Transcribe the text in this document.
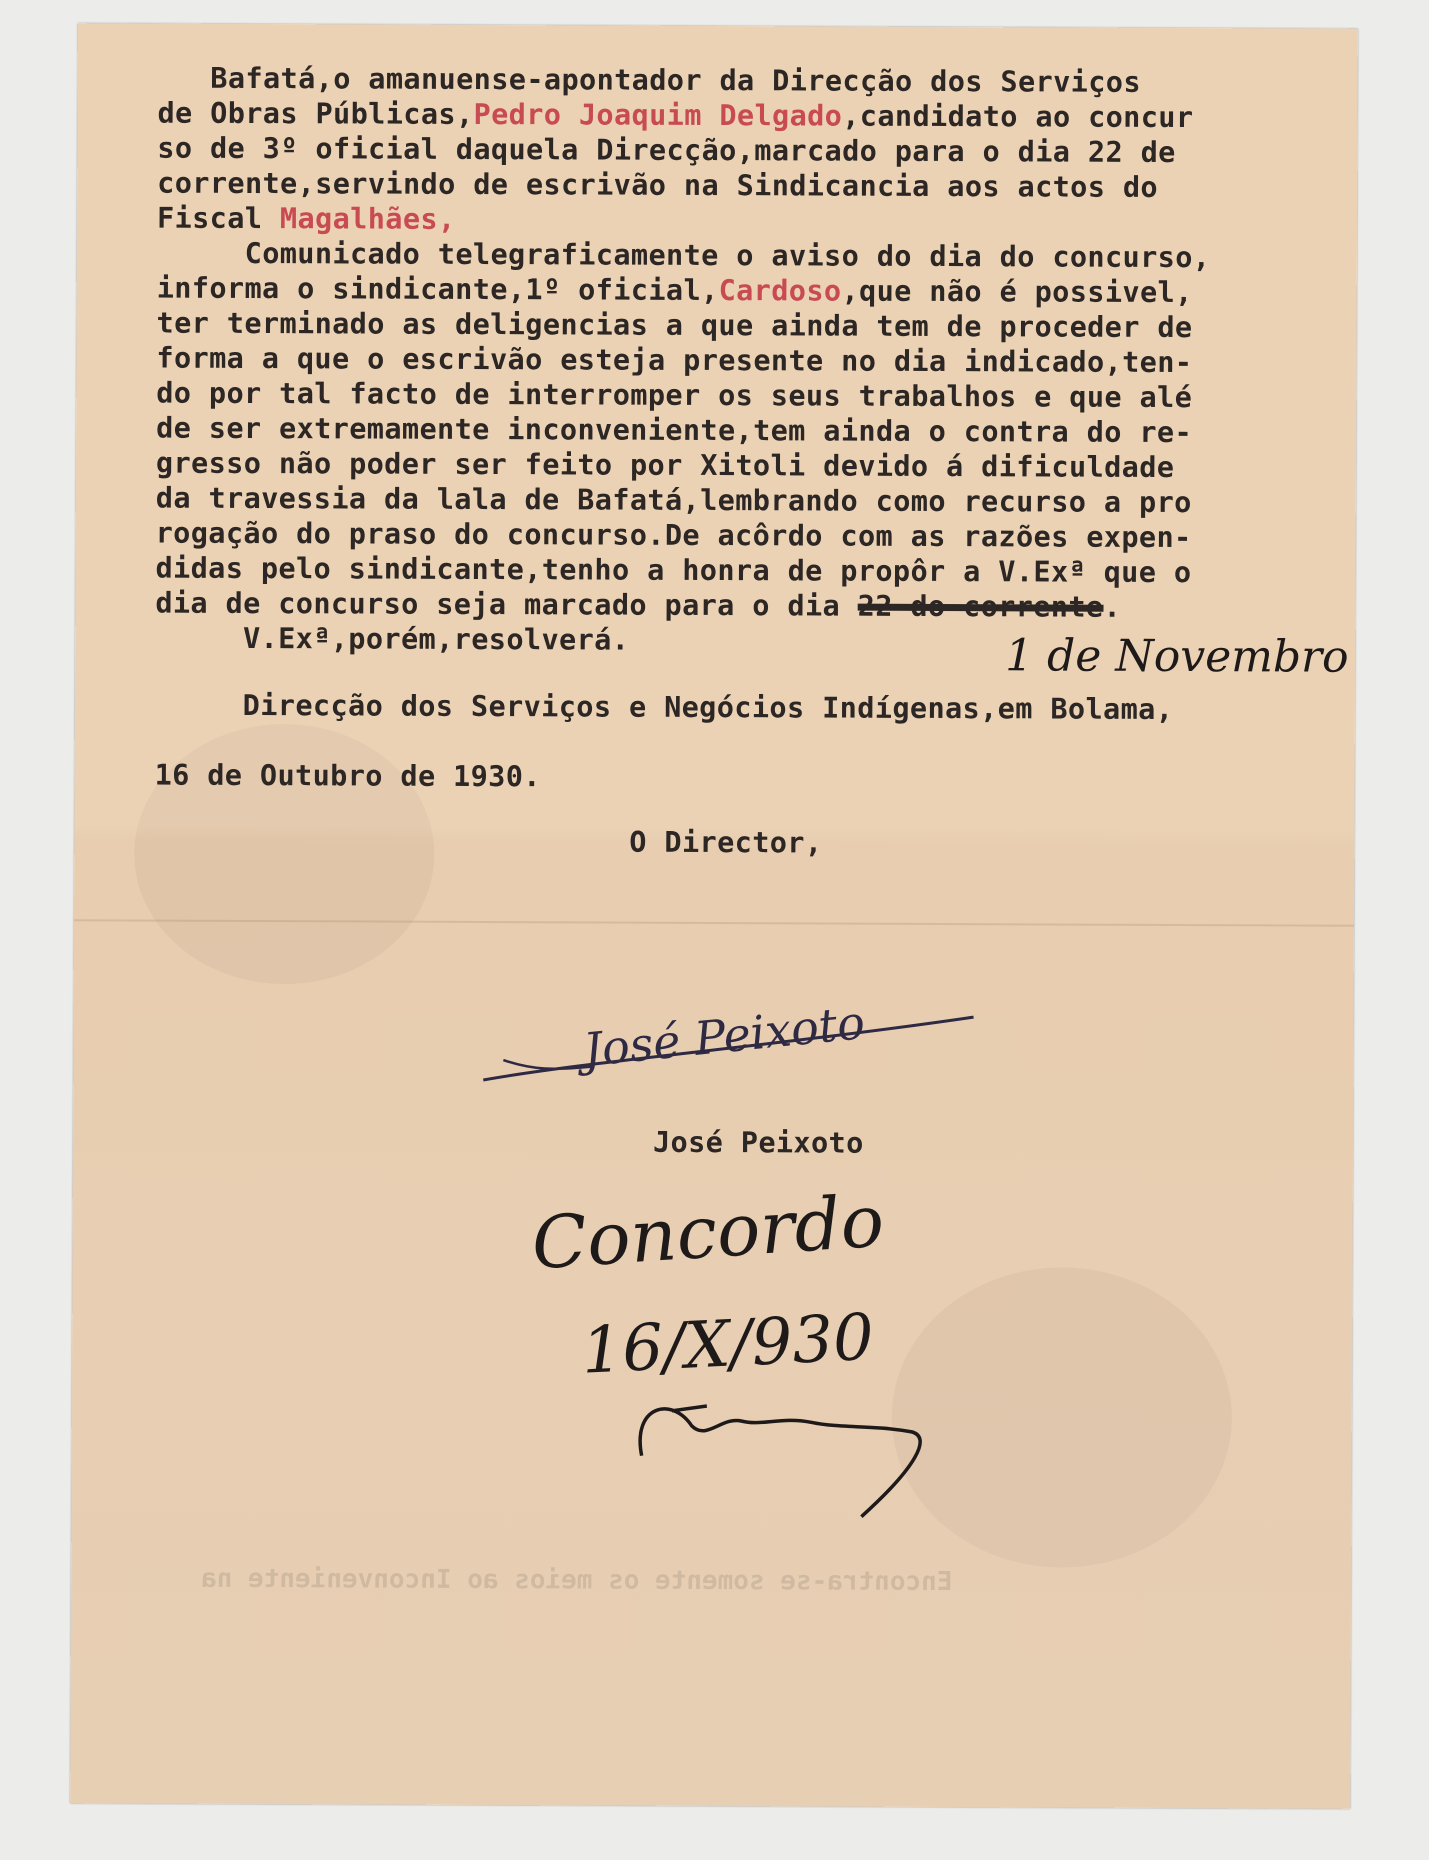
Bafatá,o amanuense-apontador da Direcção dos Serviços

de Obras Públicas,Pedro Joaquim Delgado,candidato ao concur

so de 3º oficial daquela Direcção,marcado para o dia 22 de

corrente,servindo de escrivão na Sindicancia aos actos do

Fiscal Magalhães,

Comunicado telegraficamente o aviso do dia do concurso,

informa o sindicante,1º oficial,Cardoso,que não é possivel,

ter terminado as deligencias a que ainda tem de proceder de

forma a que o escrivão esteja presente no dia indicado,ten-

do por tal facto de interromper os seus trabalhos e que alé

de ser extremamente inconveniente,tem ainda o contra do re-

gresso não poder ser feito por Xitoli devido á dificuldade

da travessia da lala de Bafatá,lembrando como recurso a pro

rogação do praso do concurso.De acôrdo com as razões expen-

didas pelo sindicante,tenho a honra de propôr a V.Exª que o

dia de concurso seja marcado para o dia 22 do corrente.

V.Exª,porém,resolverá.	1 de Novembro

Direcção dos Serviços e Negócios Indígenas,em Bolama,

16 de Outubro de 1930.

O Director,

José Peixoto

José Peixoto

Concordo
16/X/930

Encontra-se somente os meios ao Inconveniente na
